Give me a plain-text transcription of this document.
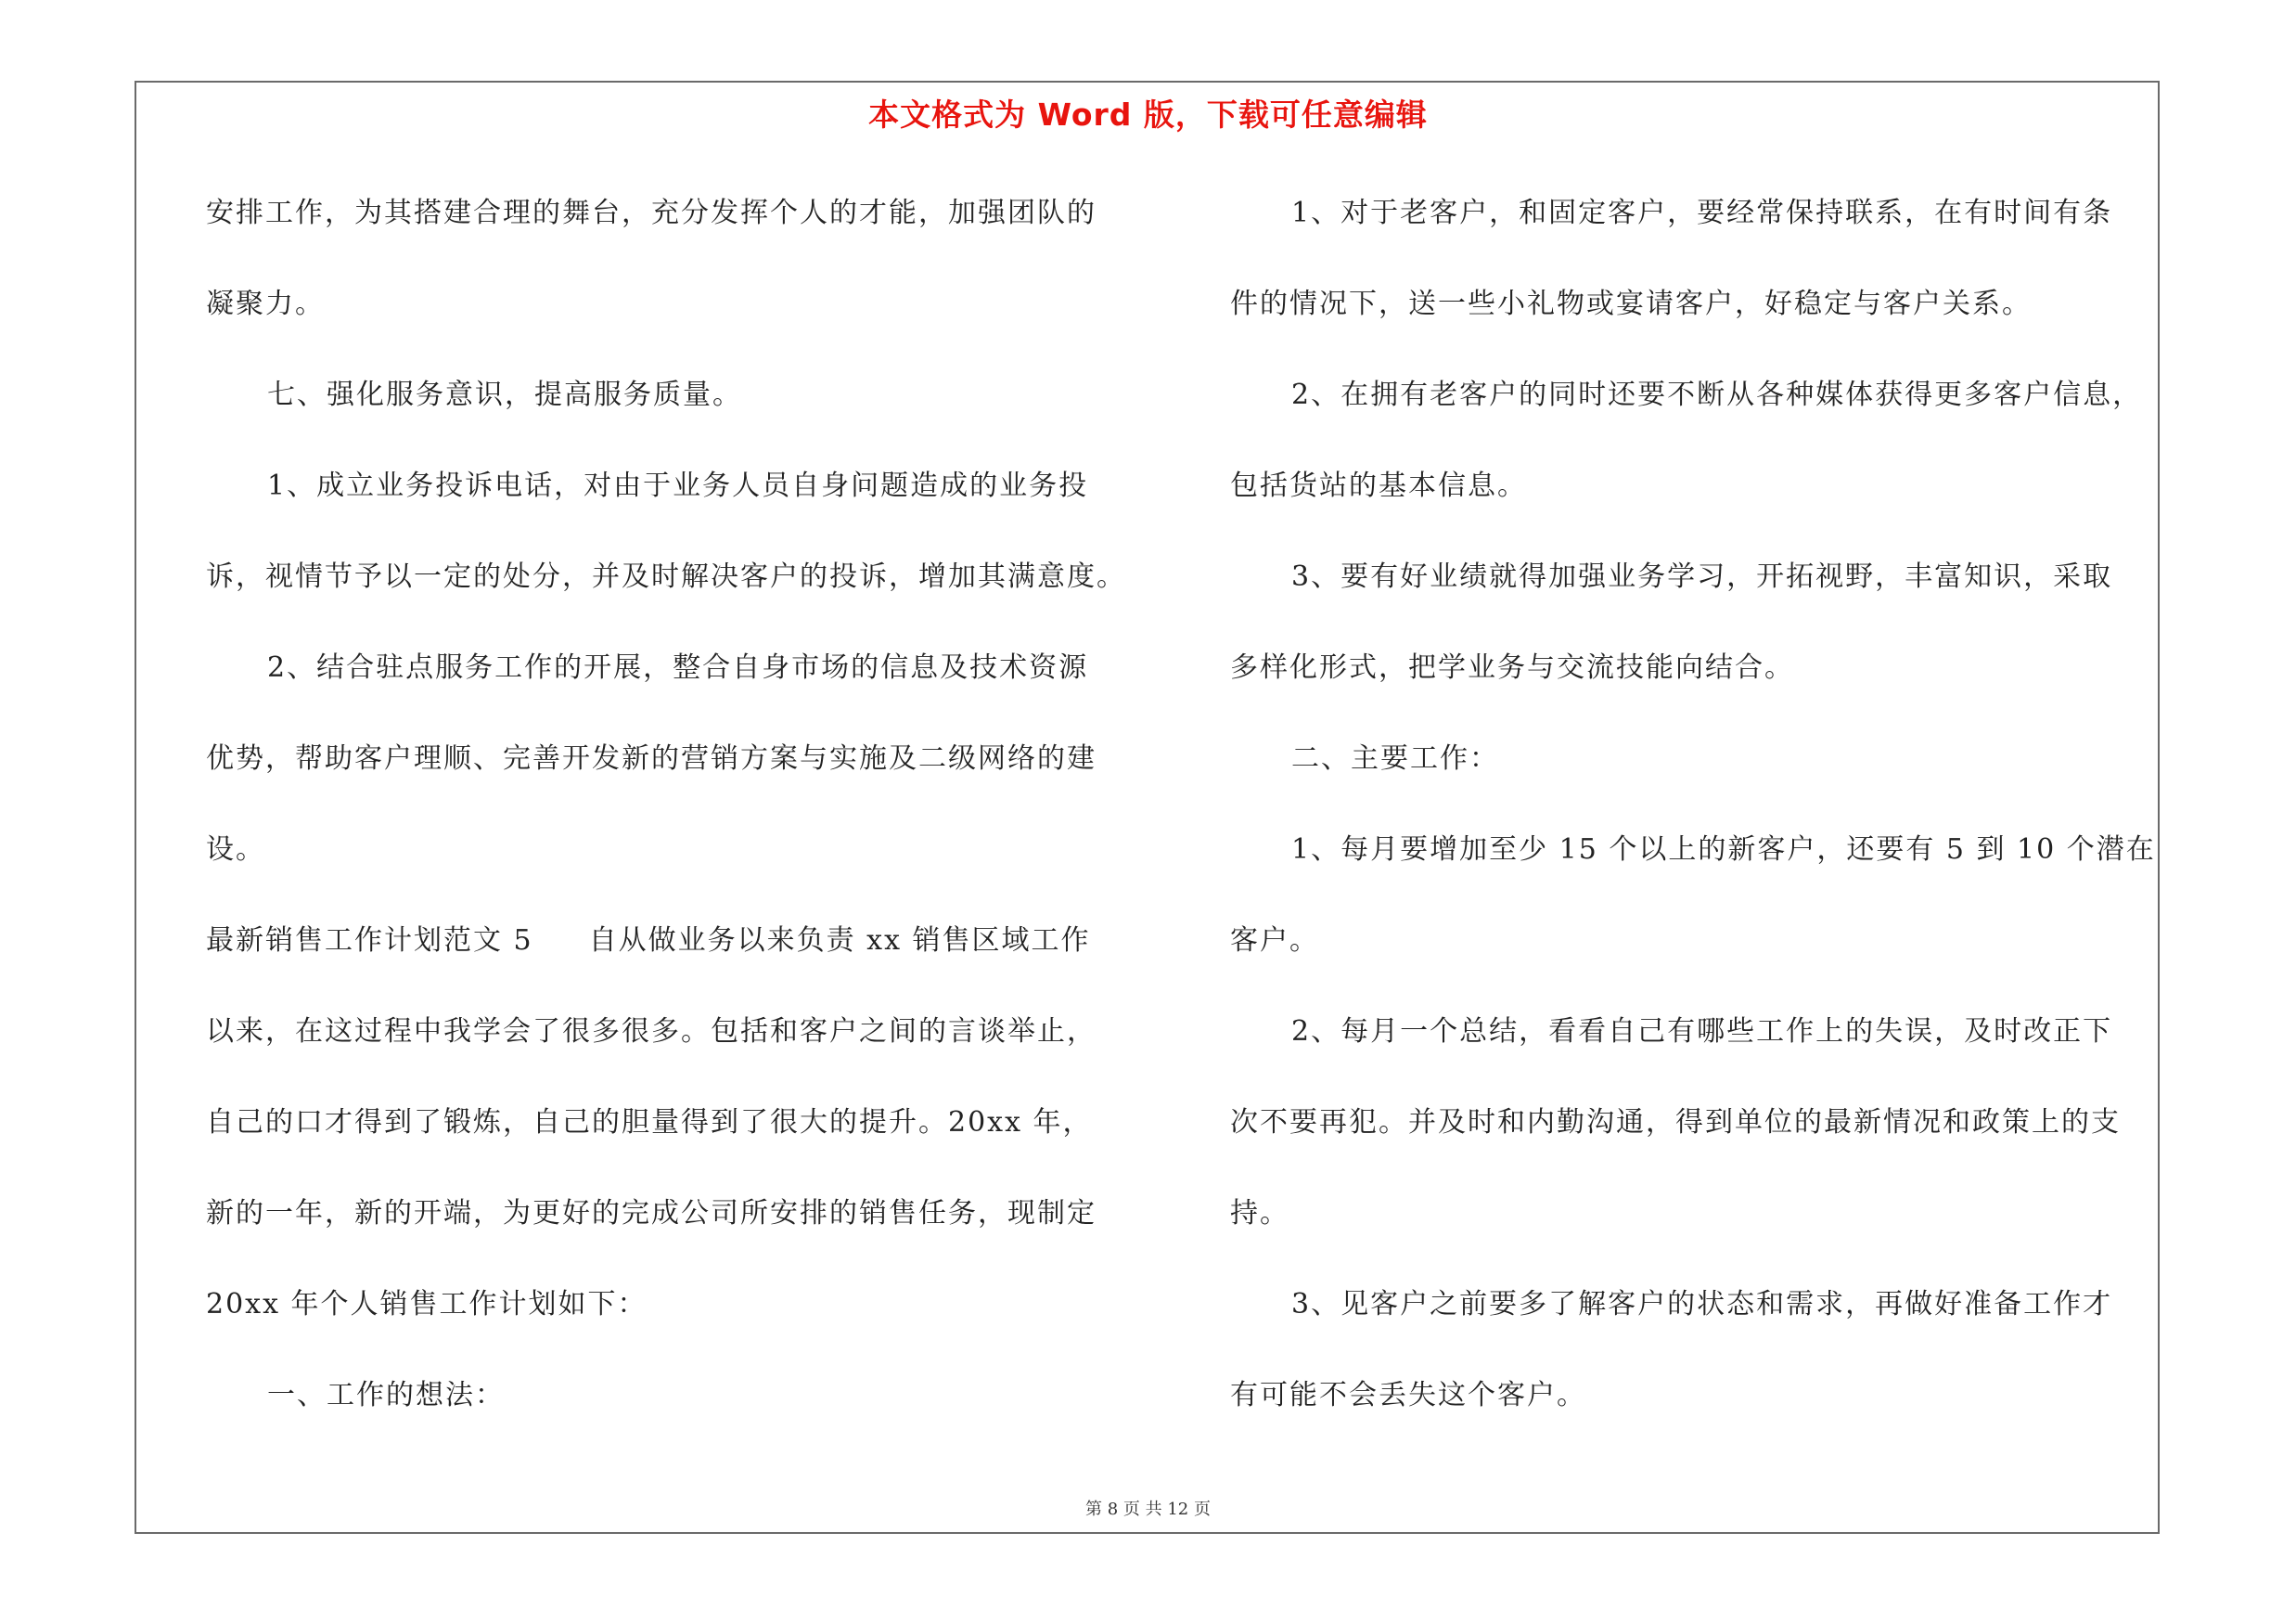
本文格式为 Word 版，下载可任意编辑
安排工作，为其搭建合理的舞台，充分发挥个人的才能，加强团队的
凝聚力。
七、强化服务意识，提高服务质量。
1、成立业务投诉电话，对由于业务人员自身问题造成的业务投
诉，视情节予以一定的处分，并及时解决客户的投诉，增加其满意度。
2、结合驻点服务工作的开展，整合自身市场的信息及技术资源
优势，帮助客户理顺、完善开发新的营销方案与实施及二级网络的建
设。
最新销售工作计划范文 5 自从做业务以来负责 xx 销售区域工作
以来，在这过程中我学会了很多很多。包括和客户之间的言谈举止，
自己的口才得到了锻炼，自己的胆量得到了很大的提升。20xx 年，
新的一年，新的开端，为更好的完成公司所安排的销售任务，现制定
20xx 年个人销售工作计划如下：
一、工作的想法：
1、对于老客户，和固定客户，要经常保持联系，在有时间有条
件的情况下，送一些小礼物或宴请客户，好稳定与客户关系。
2、在拥有老客户的同时还要不断从各种媒体获得更多客户信息，
包括货站的基本信息。
3、要有好业绩就得加强业务学习，开拓视野，丰富知识，采取
多样化形式，把学业务与交流技能向结合。
二、主要工作：
1、每月要增加至少 15 个以上的新客户，还要有 5 到 10 个潜在
客户。
2、每月一个总结，看看自己有哪些工作上的失误，及时改正下
次不要再犯。并及时和内勤沟通，得到单位的最新情况和政策上的支
持。
3、见客户之前要多了解客户的状态和需求，再做好准备工作才
有可能不会丢失这个客户。
第 8 页 共 12 页
